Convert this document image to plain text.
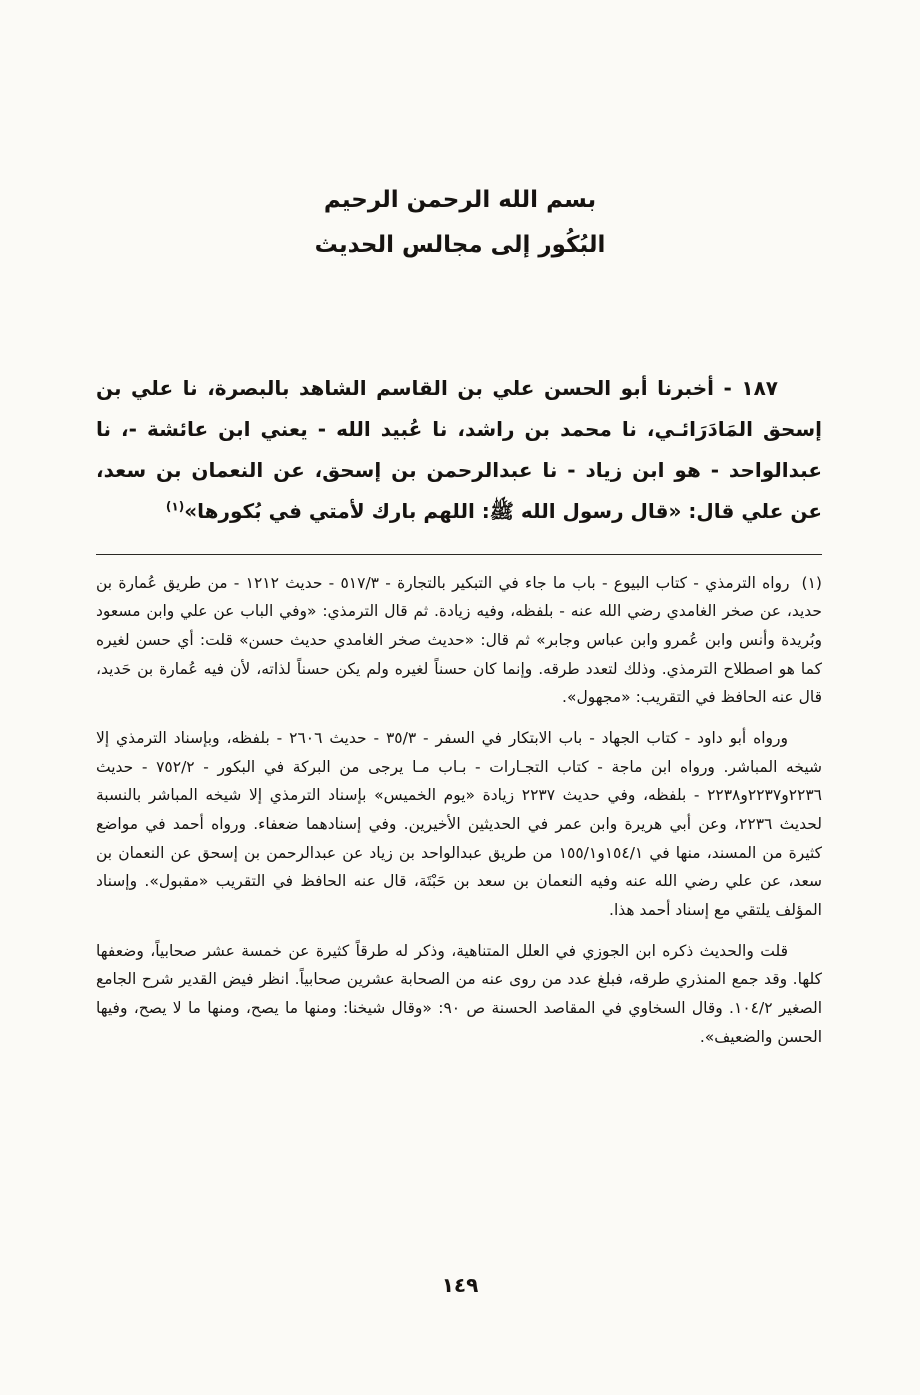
بسم الله الرحمن الرحيم
البُكُور إلى مجالس الحديث

١٨٧ - أخبرنا أبو الحسن علي بن القاسم الشاهد بالبصرة، نا علي بن إسحق المَادَرَائـي، نا محمد بن راشد، نا عُبيد الله - يعني ابن عائشة -، نا عبدالواحد - هو ابن زياد - نا عبدالرحمن بن إسحق، عن النعمان بن سعد، عن علي قال: «قال رسول الله ﷺ: اللهم بارك لأمتي في بُكورها»$^{(١)}$

(١)رواه الترمذي - كتاب البيوع - باب ما جاء في التبكير بالتجارة - ٥١٧/٣ - حديث ١٢١٢ - من طريق عُمارة بن حديد، عن صخر الغامدي رضي الله عنه - بلفظه، وفيه زيادة. ثم قال الترمذي: «وفي الباب عن علي وابن مسعود وبُريدة وأنس وابن عُمرو وابن عباس وجابر» ثم قال: «حديث صخر الغامدي حديث حسن» قلت: أي حسن لغيره كما هو اصطلاح الترمذي. وذلك لتعدد طرقه. وإنما كان حسناً لغيره ولم يكن حسناً لذاته، لأن فيه عُمارة بن حَديد، قال عنه الحافظ في التقريب: «مجهول».

ورواه أبو داود - كتاب الجهاد - باب الابتكار في السفر - ٣٥/٣ - حديث ٢٦٠٦ - بلفظه، وبإسناد الترمذي إلا شيخه المباشر. ورواه ابن ماجة - كتاب التجـارات - بـاب مـا يرجى من البركة في البكور - ٧٥٢/٢ - حديث ٢٢٣٦و٢٢٣٧و٢٢٣٨ - بلفظه، وفي حديث ٢٢٣٧ زيادة «يوم الخميس» بإسناد الترمذي إلا شيخه المباشر بالنسبة لحديث ٢٢٣٦، وعن أبي هريرة وابن عمر في الحديثين الأخيرين. وفي إسنادهما ضعفاء. ورواه أحمد في مواضع كثيرة من المسند، منها في ١٥٤/١و١٥٥/١ من طريق عبدالواحد بن زياد عن عبدالرحمن بن إسحق عن النعمان بن سعد، عن علي رضي الله عنه وفيه النعمان بن سعد بن حَبْتَة، قال عنه الحافظ في التقريب «مقبول». وإسناد المؤلف يلتقي مع إسناد أحمد هذا.

قلت والحديث ذكره ابن الجوزي في العلل المتناهية، وذكر له طرقاً كثيرة عن خمسة عشر صحابياً، وضعفها كلها. وقد جمع المنذري طرقه، فبلغ عدد من روى عنه من الصحابة عشرين صحابياً. انظر فيض القدير شرح الجامع الصغير ١٠٤/٢. وقال السخاوي في المقاصد الحسنة ص ٩٠: «وقال شيخنا: ومنها ما يصح، ومنها ما لا يصح، وفيها الحسن والضعيف».

١٤٩
